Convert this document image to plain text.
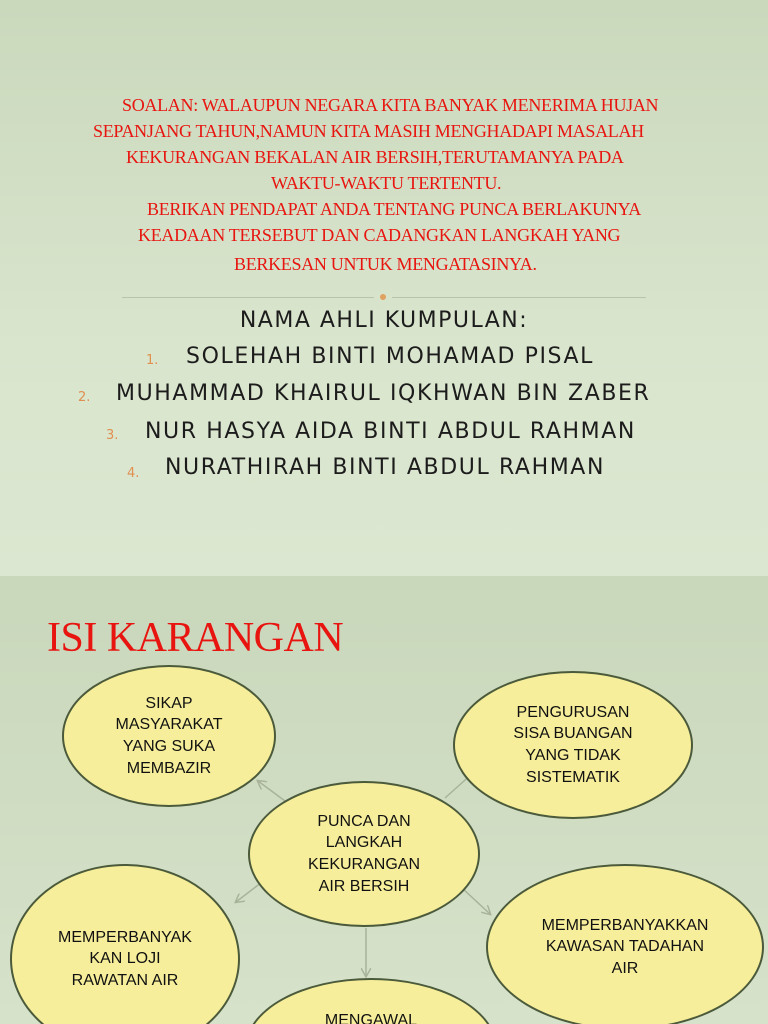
SOALAN: WALAUPUN NEGARA KITA BANYAK MENERIMA HUJAN
SEPANJANG TAHUN,NAMUN KITA MASIH MENGHADAPI MASALAH
KEKURANGAN BEKALAN AIR BERSIH,TERUTAMANYA PADA
WAKTU-WAKTU TERTENTU.
BERIKAN PENDAPAT ANDA TENTANG PUNCA BERLAKUNYA
KEADAAN TERSEBUT DAN CADANGKAN LANGKAH YANG
BERKESAN UNTUK MENGATASINYA.
NAMA AHLI KUMPULAN:
1. SOLEHAH BINTI MOHAMAD PISAL
2. MUHAMMAD KHAIRUL IQKHWAN BIN ZABER
3. NUR HASYA AIDA BINTI ABDUL RAHMAN
4. NURATHIRAH BINTI ABDUL RAHMAN
ISI KARANGAN
SIKAP
MASYARAKAT
YANG SUKA
MEMBAZIR
PENGURUSAN
SISA BUANGAN
YANG TIDAK
SISTEMATIK
PUNCA DAN
LANGKAH
KEKURANGAN
AIR BERSIH
MEMPERBANYAK
KAN LOJI
RAWATAN AIR
MEMPERBANYAKKAN
KAWASAN TADAHAN
AIR
MENGAWAL
